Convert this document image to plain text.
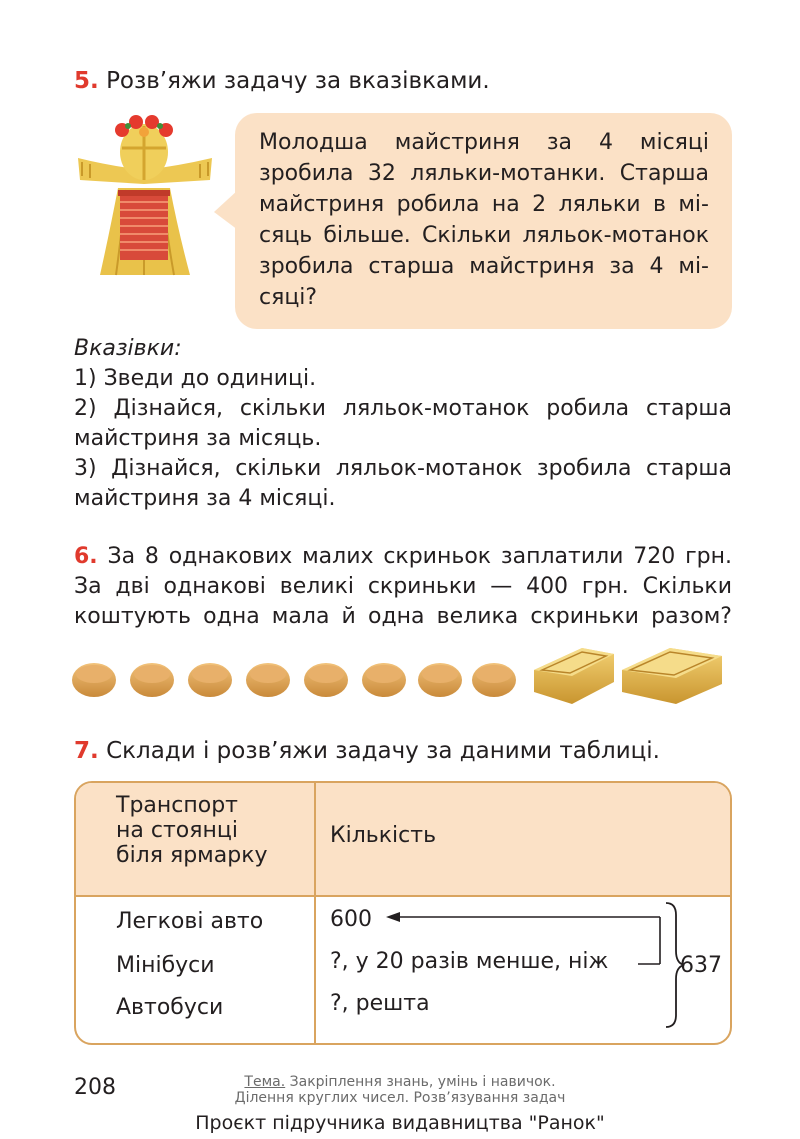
5. Розв’яжи задачу за вказівками.
Молодша майстриня за 4 місяці
зробила 32 ляльки-мотанки. Старша
майстриня робила на 2 ляльки в мі-
сяць більше. Скільки ляльок-мотанок
зробила старша майстриня за 4 мі-
сяці?
Вказівки:
1) Зведи до одиниці.
2) Дізнайся, скільки ляльок-мотанок робила старша
майстриня за місяць.
3) Дізнайся, скільки ляльок-мотанок зробила старша
майстриня за 4 місяці.
6. За 8 однакових малих скриньок заплатили 720 грн.
За дві однакові великі скриньки — 400 грн. Скільки
коштують одна мала й одна велика скриньки разом?
7. Склади і розв’яжи задачу за даними таблиці.
Транспорт
на стоянці
біля ярмарку
Кількість
Легкові авто
Мінібуси
Автобуси
600
?, у 20 разів менше, ніж
?, решта
637
208	Тема. Закріплення знань, умінь і навичок.
Ділення круглих чисел. Розв’язування задач
Проєкт підручника видавництва "Ранок"
